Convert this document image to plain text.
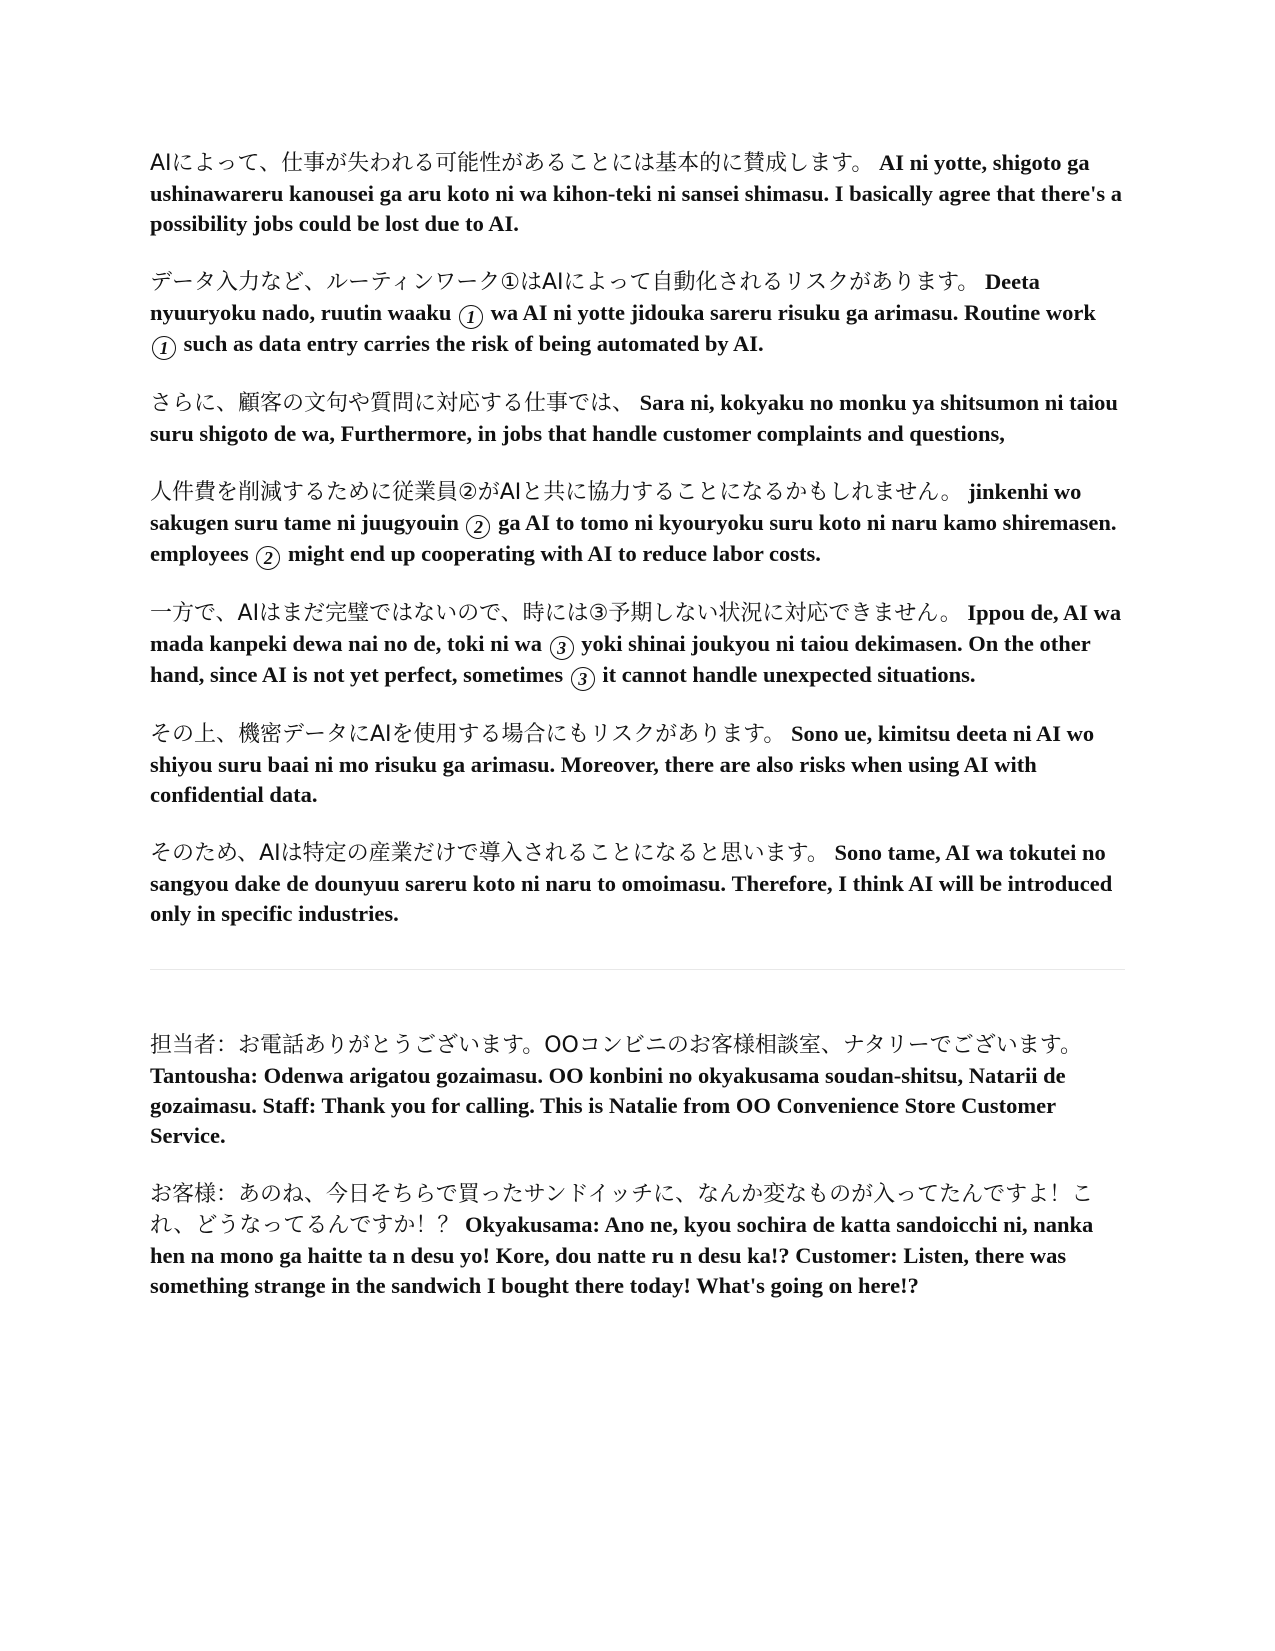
AIによって、仕事が失われる可能性があることには基本的に賛成します。 AI ni yotte, shigoto ga ushinawareru kanousei ga aru koto ni wa kihon-teki ni sansei shimasu. I basically agree that there's a possibility jobs could be lost due to AI.

データ入力など、ルーティンワーク①はAIによって自動化されるリスクがあります。 Deeta nyuuryoku nado, ruutin waaku 1 wa AI ni yotte jidouka sareru risuku ga arimasu. Routine work 1 such as data entry carries the risk of being automated by AI.

さらに、顧客の文句や質問に対応する仕事では、 Sara ni, kokyaku no monku ya shitsumon ni taiou suru shigoto de wa, Furthermore, in jobs that handle customer complaints and questions,

人件費を削減するために従業員②がAIと共に協力することになるかもしれません。 jinkenhi wo sakugen suru tame ni juugyouin 2 ga AI to tomo ni kyouryoku suru koto ni naru kamo shiremasen. employees 2 might end up cooperating with AI to reduce labor costs.

一方で、AIはまだ完璧ではないので、時には③予期しない状況に対応できません。 Ippou de, AI wa mada kanpeki dewa nai no de, toki ni wa 3 yoki shinai joukyou ni taiou dekimasen. On the other hand, since AI is not yet perfect, sometimes 3 it cannot handle unexpected situations.

その上、機密データにAIを使用する場合にもリスクがあります。 Sono ue, kimitsu deeta ni AI wo shiyou suru baai ni mo risuku ga arimasu. Moreover, there are also risks when using AI with confidential data.

そのため、AIは特定の産業だけで導入されることになると思います。 Sono tame, AI wa tokutei no sangyou dake de dounyuu sareru koto ni naru to omoimasu. Therefore, I think AI will be introduced only in specific industries.

担当者：お電話ありがとうございます。OOコンビニのお客様相談室、ナタリーでございます。 Tantousha: Odenwa arigatou gozaimasu. OO konbini no okyakusama soudan-shitsu, Natarii de gozaimasu. Staff: Thank you for calling. This is Natalie from OO Convenience Store Customer Service.

お客様：あのね、今日そちらで買ったサンドイッチに、なんか変なものが入ってたんですよ！これ、どうなってるんですか！？ Okyakusama: Ano ne, kyou sochira de katta sandoicchi ni, nanka hen na mono ga haitte ta n desu yo! Kore, dou natte ru n desu ka!? Customer: Listen, there was something strange in the sandwich I bought there today! What's going on here!?
